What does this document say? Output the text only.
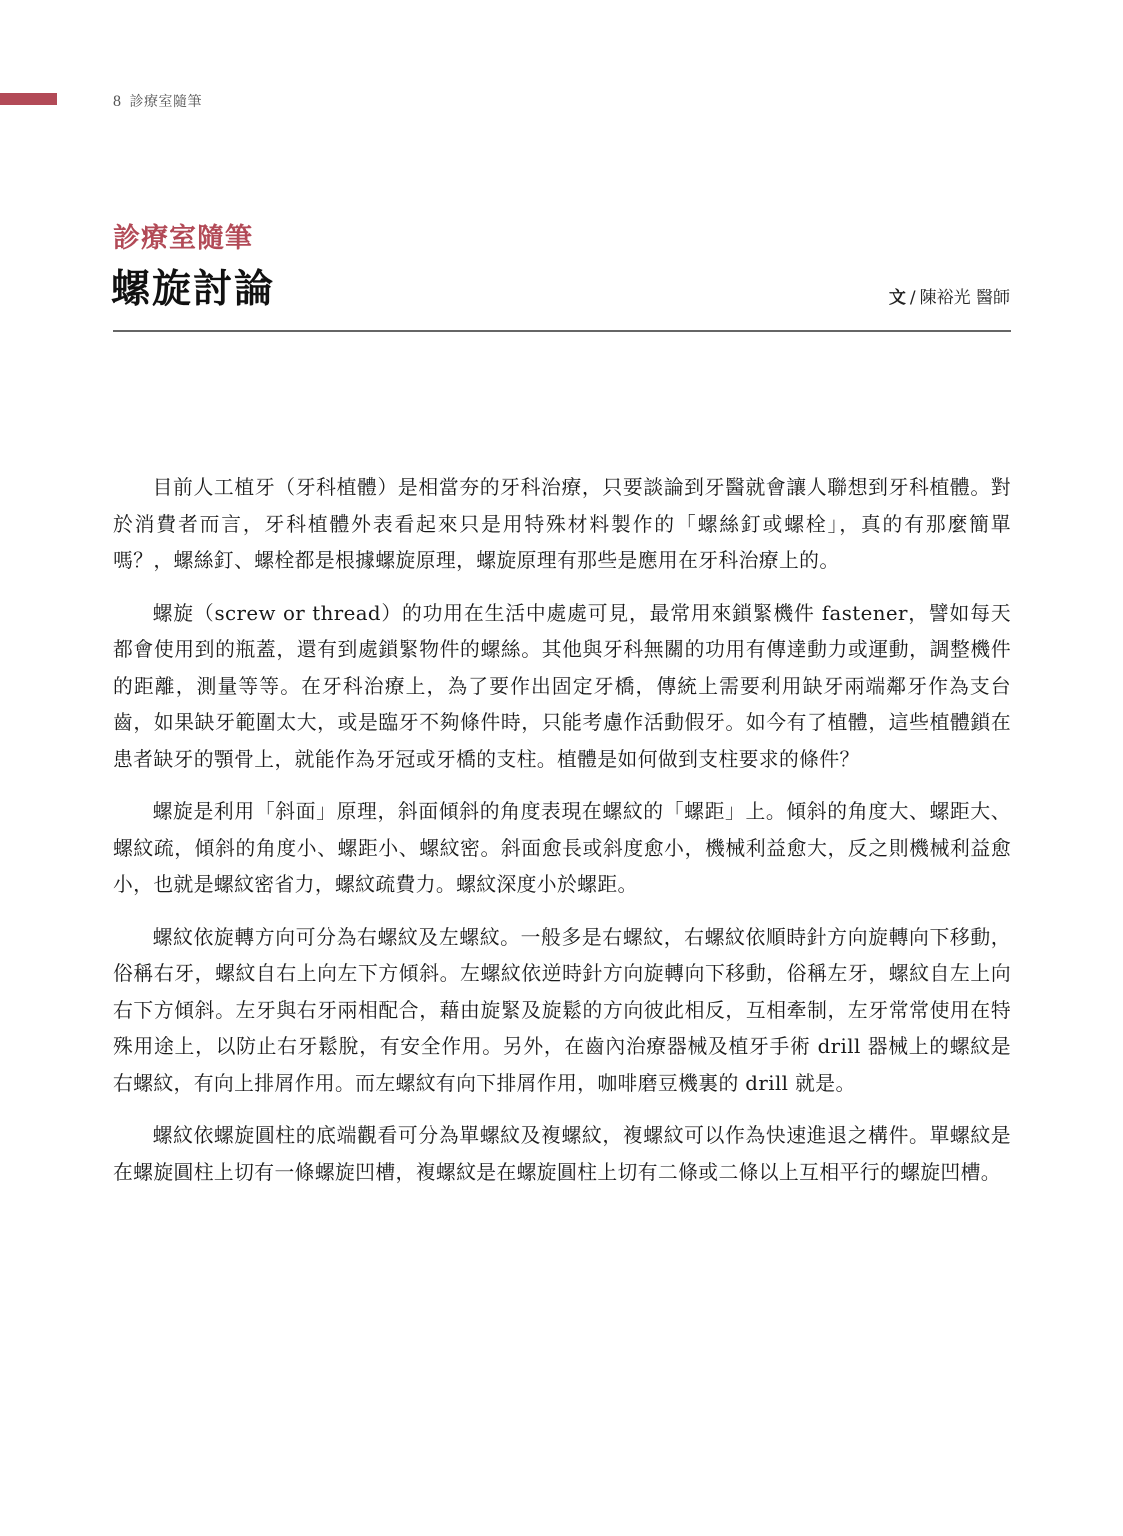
8 診療室隨筆
診療室隨筆
螺旋討論	文 / 陳裕光 醫師

目前人工植牙（牙科植體）是相當夯的牙科治療，只要談論到牙醫就會讓人聯想到牙科植體。對於消費者而言，牙科植體外表看起來只是用特殊材料製作的「螺絲釘或螺栓」，真的有那麼簡單嗎？，螺絲釘、螺栓都是根據螺旋原理，螺旋原理有那些是應用在牙科治療上的。

螺旋（screw or thread）的功用在生活中處處可見，最常用來鎖緊機件 fastener，譬如每天都會使用到的瓶蓋，還有到處鎖緊物件的螺絲。其他與牙科無關的功用有傳達動力或運動，調整機件的距離，測量等等。在牙科治療上，為了要作出固定牙橋，傳統上需要利用缺牙兩端鄰牙作為支台齒，如果缺牙範圍太大，或是臨牙不夠條件時，只能考慮作活動假牙。如今有了植體，這些植體鎖在患者缺牙的顎骨上，就能作為牙冠或牙橋的支柱。植體是如何做到支柱要求的條件？

螺旋是利用「斜面」原理，斜面傾斜的角度表現在螺紋的「螺距」上。傾斜的角度大、螺距大、螺紋疏，傾斜的角度小、螺距小、螺紋密。斜面愈長或斜度愈小，機械利益愈大，反之則機械利益愈小，也就是螺紋密省力，螺紋疏費力。螺紋深度小於螺距。

螺紋依旋轉方向可分為右螺紋及左螺紋。一般多是右螺紋，右螺紋依順時針方向旋轉向下移動，俗稱右牙，螺紋自右上向左下方傾斜。左螺紋依逆時針方向旋轉向下移動，俗稱左牙，螺紋自左上向右下方傾斜。左牙與右牙兩相配合，藉由旋緊及旋鬆的方向彼此相反，互相牽制，左牙常常使用在特殊用途上，以防止右牙鬆脫，有安全作用。另外，在齒內治療器械及植牙手術 drill 器械上的螺紋是右螺紋，有向上排屑作用。而左螺紋有向下排屑作用，咖啡磨豆機裏的 drill 就是。

螺紋依螺旋圓柱的底端觀看可分為單螺紋及複螺紋，複螺紋可以作為快速進退之構件。單螺紋是在螺旋圓柱上切有一條螺旋凹槽，複螺紋是在螺旋圓柱上切有二條或二條以上互相平行的螺旋凹槽。
